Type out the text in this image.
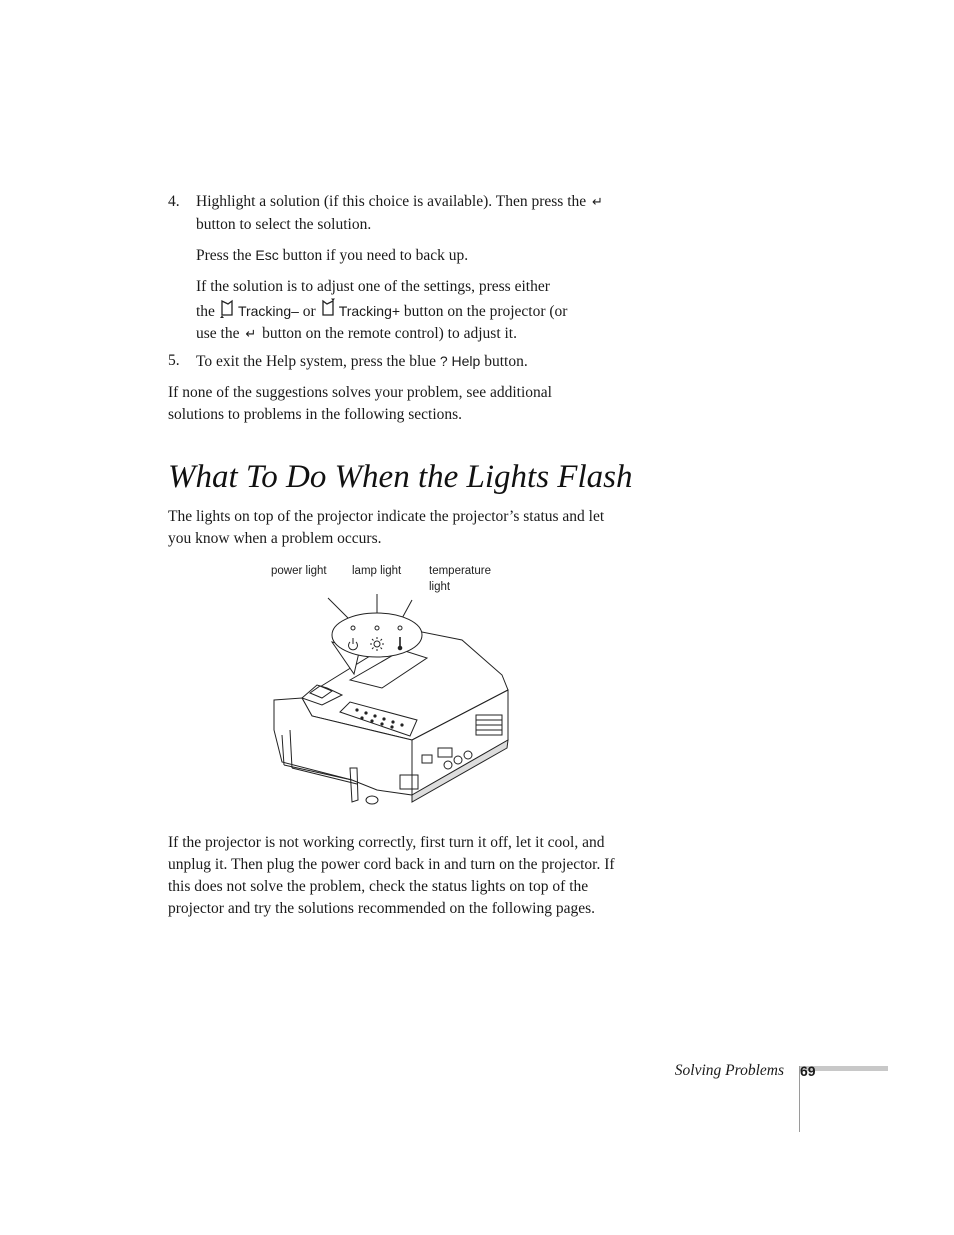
4. Highlight a solution (if this choice is available). Then press the ↵
button to select the solution.
Press the Esc button if you need to back up.
If the solution is to adjust one of the settings, press either
the Tracking– or Tracking+ button on the projector (or
use the ↵ button on the remote control) to adjust it.
5. To exit the Help system, press the blue ? Help button.
If none of the suggestions solves your problem, see additional solutions to problems in the following sections.
What To Do When the Lights Flash
The lights on top of the projector indicate the projector’s status and let you know when a problem occurs.
power light lamp light temperature light
If the projector is not working correctly, first turn it off, let it cool, and unplug it. Then plug the power cord back in and turn on the projector. If this does not solve the problem, check the status lights on top of the projector and try the solutions recommended on the following pages.
Solving Problems 69
